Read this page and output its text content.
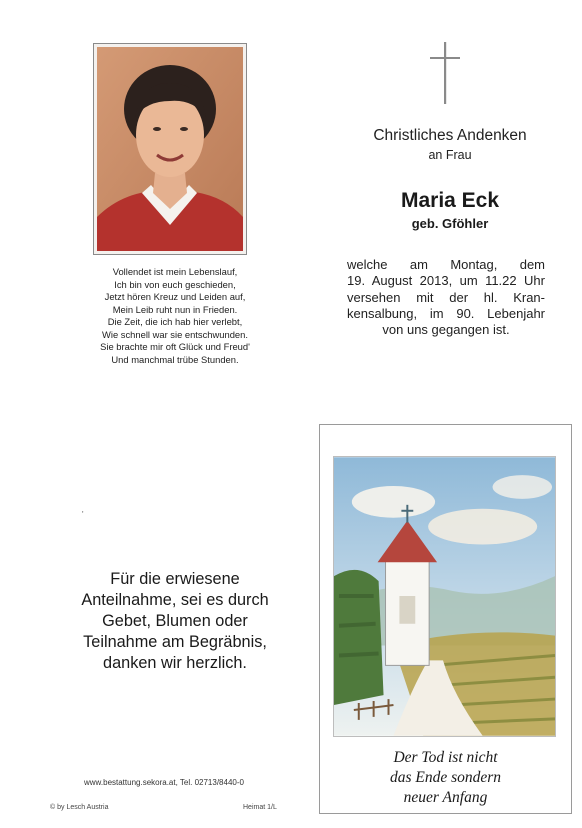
Vollendet ist mein Lebenslauf,
Ich bin von euch geschieden,
Jetzt hören Kreuz und Leiden auf,
Mein Leib ruht nun in Frieden.
Die Zeit, die ich hab hier verlebt,
Wie schnell war sie entschwunden.
Sie brachte mir oft Glück und Freud'
Und manchmal trübe Stunden.
Christliches Andenken
an Frau
Maria Eck
geb. Gföhler
welche am Montag, dem
19. August 2013, um 11.22 Uhr
versehen mit der hl. Kran-
kensalbung, im 90. Lebenjahr
von uns gegangen ist.
'
Für die erwiesene
Anteilnahme, sei es durch
Gebet, Blumen oder
Teilnahme am Begräbnis,
danken wir herzlich.
www.bestattung.sekora.at, Tel. 02713/8440-0
© by Lesch Austria	Heimat 1/L
Der Tod ist nicht
das Ende sondern
neuer Anfang
